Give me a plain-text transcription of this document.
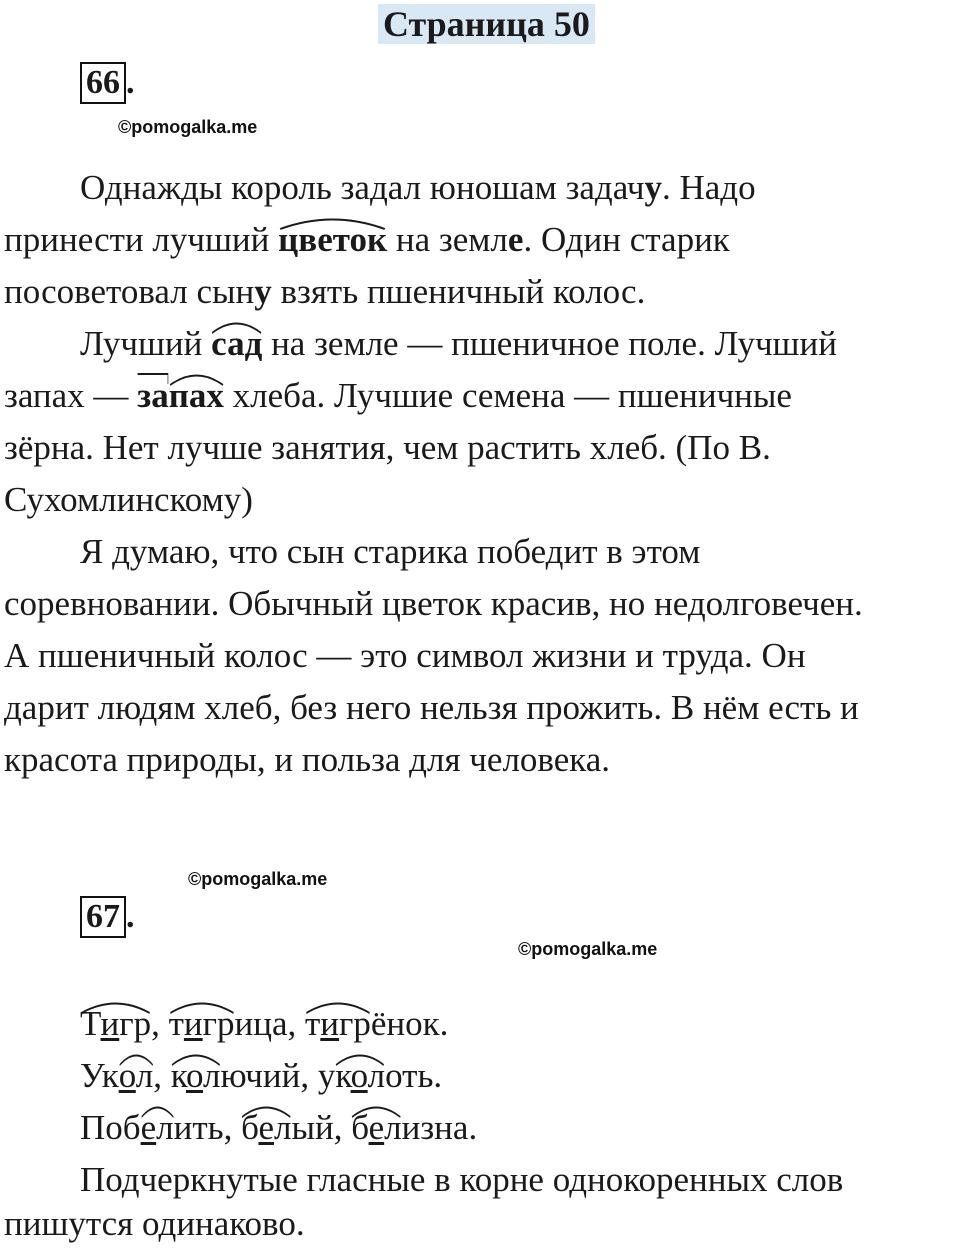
Страница 50
66 .
©pomogalka.me
Однажды король задал юношам задачу. Надо
принести лучший
цветок на земле. Один старик
посоветовал сыну взять пшеничный колос.
Лучший
сад на земле — пшеничное поле. Лучший
запах —
за
пах хлеба. Лучшие семена — пшеничные
зёрна. Нет лучше занятия, чем растить хлеб. (По В.
Сухомлинскому)
Я думаю, что сын старика победит в этом
соревновании. Обычный цветок красив, но недолговечен.
А пшеничный колос — это символ жизни и труда. Он
дарит людям хлеб, без него нельзя прожить. В нём есть и
красота природы, и польза для человека.
©pomogalka.me
67 .
©pomogalka.me
Тигр,
тигрица,
тигрёнок.
Ук
ол,
колючий, у
колоть.
Поб
елить,
белый,
белизна.
Подчеркнутые гласные в корне однокоренных слов
пишутся одинаково.
